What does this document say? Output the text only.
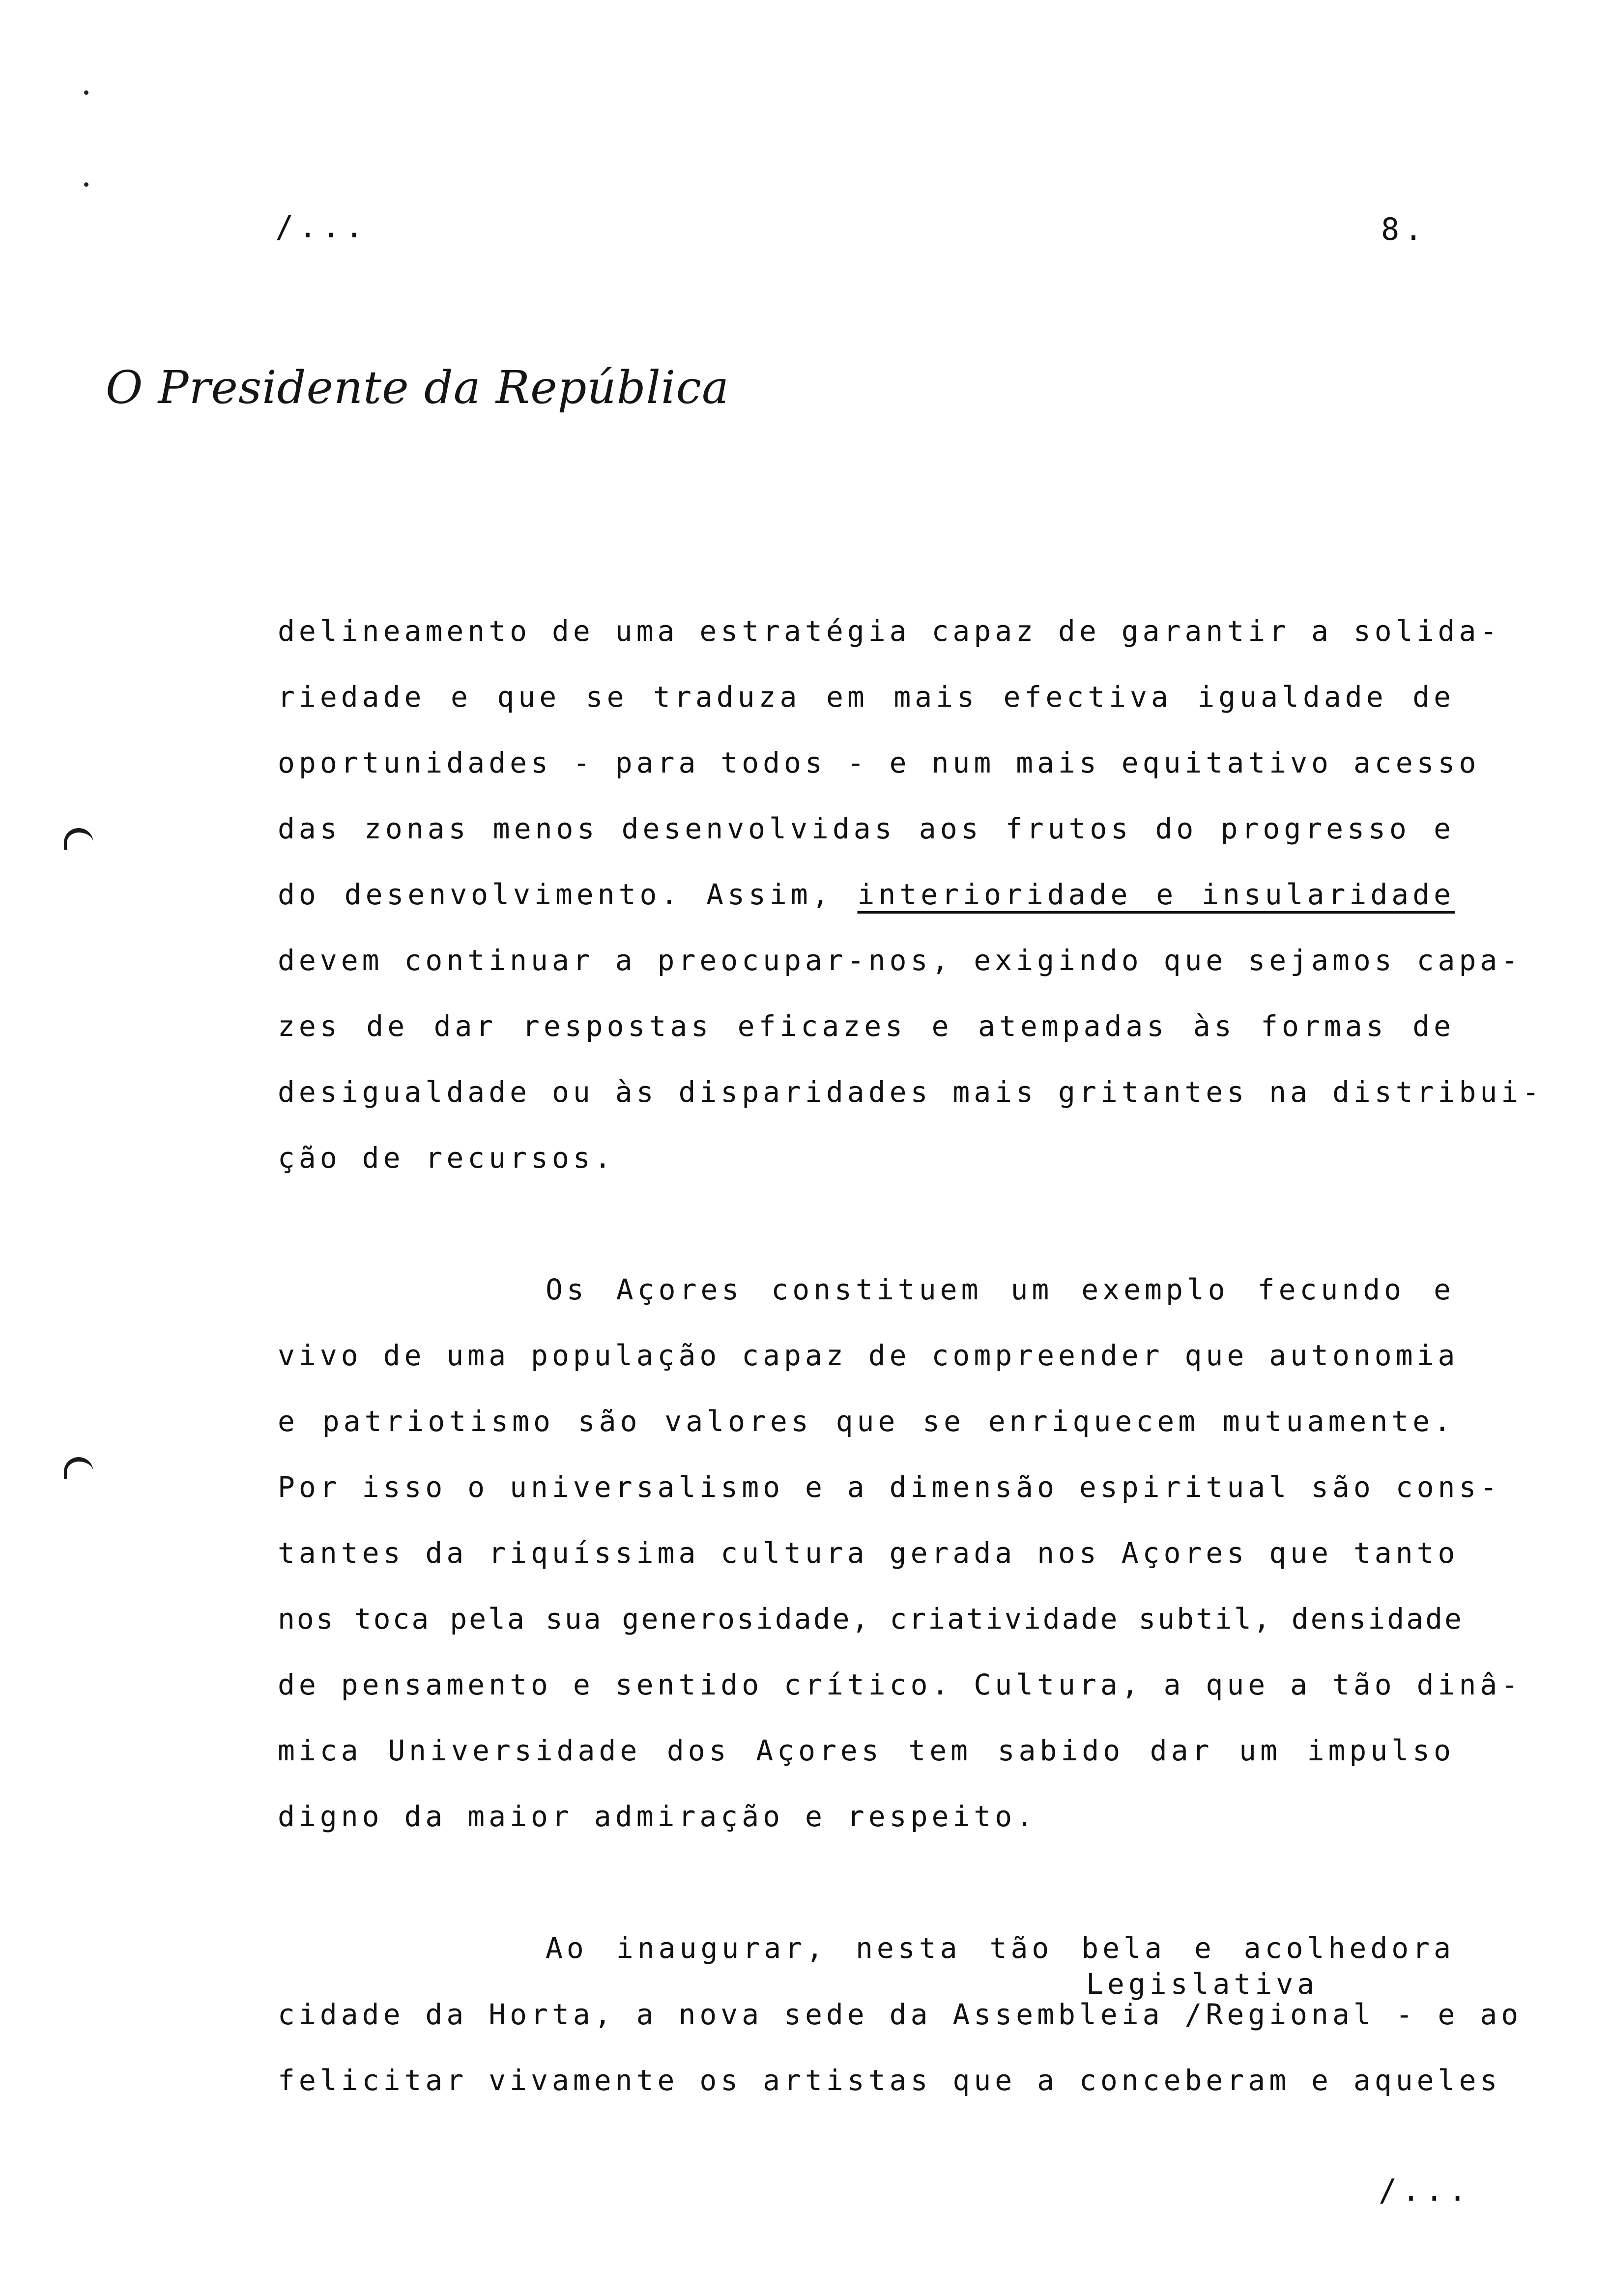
/...	8.
O Presidente da República
delineamento de uma estratégia capaz de garantir a solida-
riedade e que se traduza em mais efectiva igualdade de
oportunidades - para todos - e num mais equitativo acesso
das zonas menos desenvolvidas aos frutos do progresso e
do desenvolvimento. Assim, interioridade e insularidade
devem continuar a preocupar-nos, exigindo que sejamos capa-
zes de dar respostas eficazes e atempadas às formas de
desigualdade ou às disparidades mais gritantes na distribui-
ção de recursos.
Os Açores constituem um exemplo fecundo e
vivo de uma população capaz de compreender que autonomia
e patriotismo são valores que se enriquecem mutuamente.
Por isso o universalismo e a dimensão espiritual são cons-
tantes da riquíssima cultura gerada nos Açores que tanto
nos toca pela sua generosidade, criatividade subtil, densidade
de pensamento e sentido crítico. Cultura, a que a tão dinâ-
mica Universidade dos Açores tem sabido dar um impulso
digno da maior admiração e respeito.
Ao inaugurar, nesta tão bela e acolhedora
Legislativa
cidade da Horta, a nova sede da Assembleia /Regional - e ao
felicitar vivamente os artistas que a conceberam e aqueles
/...
